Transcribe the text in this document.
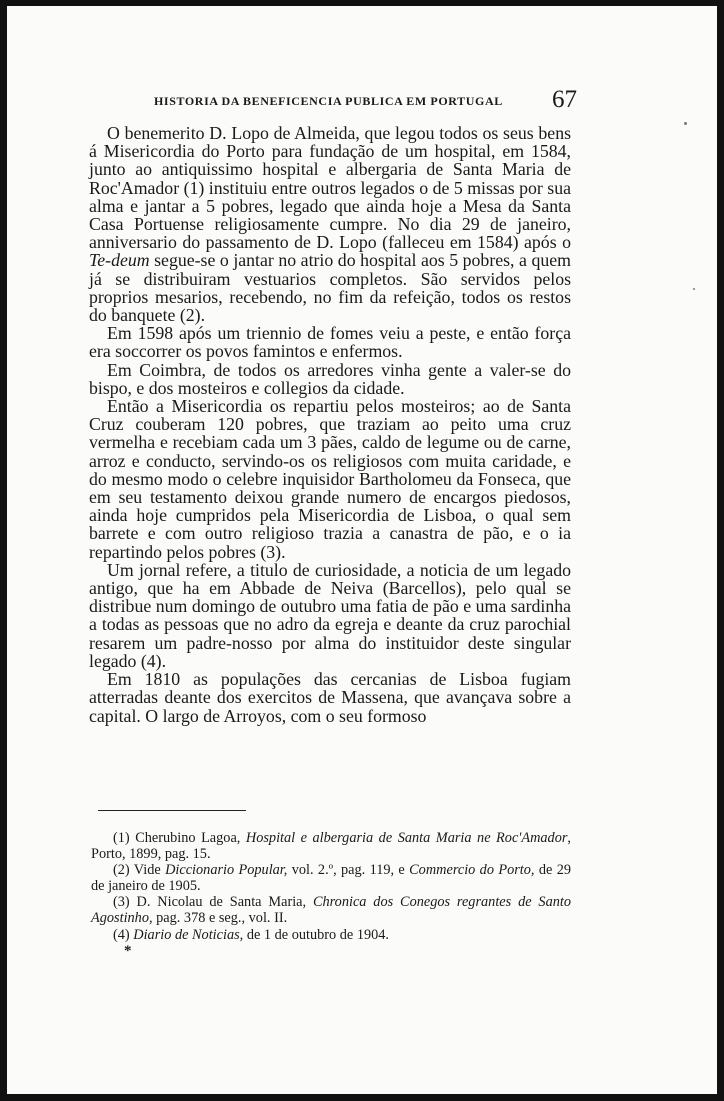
HISTORIA DA BENEFICENCIA PUBLICA EM PORTUGAL 67

O benemerito D. Lopo de Almeida, que legou todos os seus bens á Misericordia do Porto para fundação de um hospital, em 1584, junto ao antiquissimo hospital e albergaria de Santa Maria de Roc'Amador (1) instituiu entre outros legados o de 5 missas por sua alma e jantar a 5 pobres, legado que ainda hoje a Mesa da Santa Casa Portuense religiosamente cumpre. No dia 29 de janeiro, anniversario do passamento de D. Lopo (falleceu em 1584) após o Te-deum segue-se o jantar no atrio do hospital aos 5 pobres, a quem já se distribuiram vestuarios completos. São servidos pelos proprios mesarios, recebendo, no fim da refeição, todos os restos do banquete (2).

Em 1598 após um triennio de fomes veiu a peste, e então força era soccorrer os povos famintos e enfermos.

Em Coimbra, de todos os arredores vinha gente a valer-se do bispo, e dos mosteiros e collegios da cidade.

Então a Misericordia os repartiu pelos mosteiros; ao de Santa Cruz couberam 120 pobres, que traziam ao peito uma cruz vermelha e recebiam cada um 3 pães, caldo de legume ou de carne, arroz e conducto, servindo-os os religiosos com muita caridade, e do mesmo modo o celebre inquisidor Bartholomeu da Fonseca, que em seu testamento deixou grande numero de encargos piedosos, ainda hoje cumpridos pela Misericordia de Lisboa, o qual sem barrete e com outro religioso trazia a canastra de pão, e o ia repartindo pelos pobres (3).

Um jornal refere, a titulo de curiosidade, a noticia de um legado antigo, que ha em Abbade de Neiva (Barcellos), pelo qual se distribue num domingo de outubro uma fatia de pão e uma sardinha a todas as pessoas que no adro da egreja e deante da cruz parochial resarem um padre-nosso por alma do instituidor deste singular legado (4).

Em 1810 as populações das cercanias de Lisboa fugiam atterradas deante dos exercitos de Massena, que avançava sobre a capital. O largo de Arroyos, com o seu formoso

(1) Cherubino Lagoa, Hospital e albergaria de Santa Maria ne Roc'Amador, Porto, 1899, pag. 15.

(2) Vide Diccionario Popular, vol. 2.º, pag. 119, e Commercio do Porto, de 29 de janeiro de 1905.

(3) D. Nicolau de Santa Maria, Chronica dos Conegos regrantes de Santo Agostinho, pag. 378 e seg., vol. II.

(4) Diario de Noticias, de 1 de outubro de 1904.

*
